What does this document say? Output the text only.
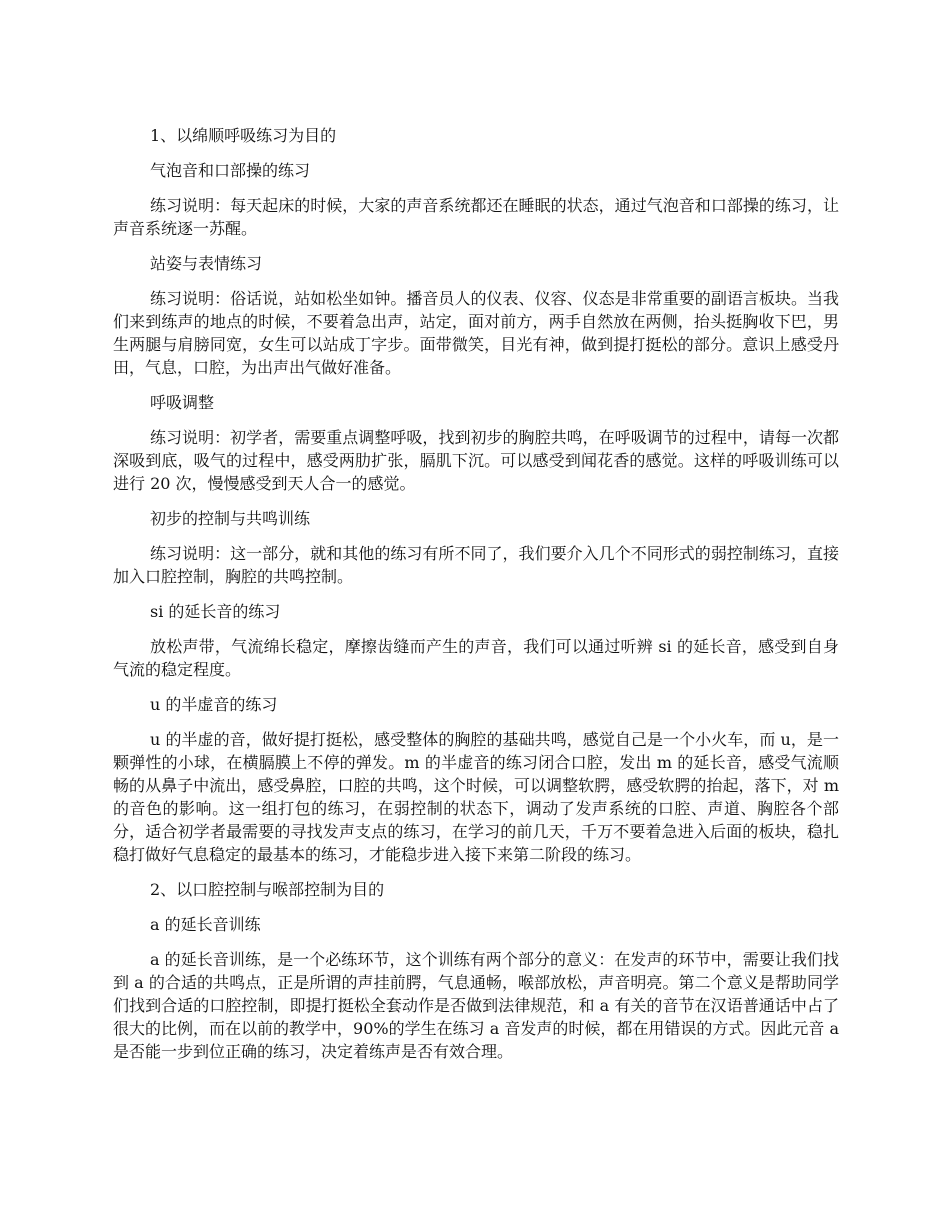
1、以绵顺呼吸练习为目的

气泡音和口部操的练习

练习说明：每天起床的时候，大家的声音系统都还在睡眠的状态，通过气泡音和口部操的练习，让声音系统逐一苏醒。

站姿与表情练习

练习说明：俗话说，站如松坐如钟。播音员人的仪表、仪容、仪态是非常重要的副语言板块。当我们来到练声的地点的时候，不要着急出声，站定，面对前方，两手自然放在两侧，抬头挺胸收下巴，男生两腿与肩膀同宽，女生可以站成丁字步。面带微笑，目光有神，做到提打挺松的部分。意识上感受丹田，气息，口腔，为出声出气做好准备。

呼吸调整

练习说明：初学者，需要重点调整呼吸，找到初步的胸腔共鸣，在呼吸调节的过程中，请每一次都深吸到底，吸气的过程中，感受两肋扩张，膈肌下沉。可以感受到闻花香的感觉。这样的呼吸训练可以进行 20 次，慢慢感受到天人合一的感觉。

初步的控制与共鸣训练

练习说明：这一部分，就和其他的练习有所不同了，我们要介入几个不同形式的弱控制练习，直接加入口腔控制，胸腔的共鸣控制。

si 的延长音的练习

放松声带，气流绵长稳定，摩擦齿缝而产生的声音，我们可以通过听辨 si 的延长音，感受到自身气流的稳定程度。

u 的半虚音的练习

u 的半虚的音，做好提打挺松，感受整体的胸腔的基础共鸣，感觉自己是一个小火车，而 u，是一颗弹性的小球，在横膈膜上不停的弹发。m 的半虚音的练习闭合口腔，发出 m 的延长音，感受气流顺畅的从鼻子中流出，感受鼻腔，口腔的共鸣，这个时候，可以调整软腭，感受软腭的抬起，落下，对 m 的音色的影响。这一组打包的练习，在弱控制的状态下，调动了发声系统的口腔、声道、胸腔各个部分，适合初学者最需要的寻找发声支点的练习，在学习的前几天，千万不要着急进入后面的板块，稳扎稳打做好气息稳定的最基本的练习，才能稳步进入接下来第二阶段的练习。

2、以口腔控制与喉部控制为目的

a 的延长音训练

a 的延长音训练，是一个必练环节，这个训练有两个部分的意义：在发声的环节中，需要让我们找到 a 的合适的共鸣点，正是所谓的声挂前腭，气息通畅，喉部放松，声音明亮。第二个意义是帮助同学们找到合适的口腔控制，即提打挺松全套动作是否做到法律规范，和 a 有关的音节在汉语普通话中占了很大的比例，而在以前的教学中，90%的学生在练习 a 音发声的时候，都在用错误的方式。因此元音 a 是否能一步到位正确的练习，决定着练声是否有效合理。
